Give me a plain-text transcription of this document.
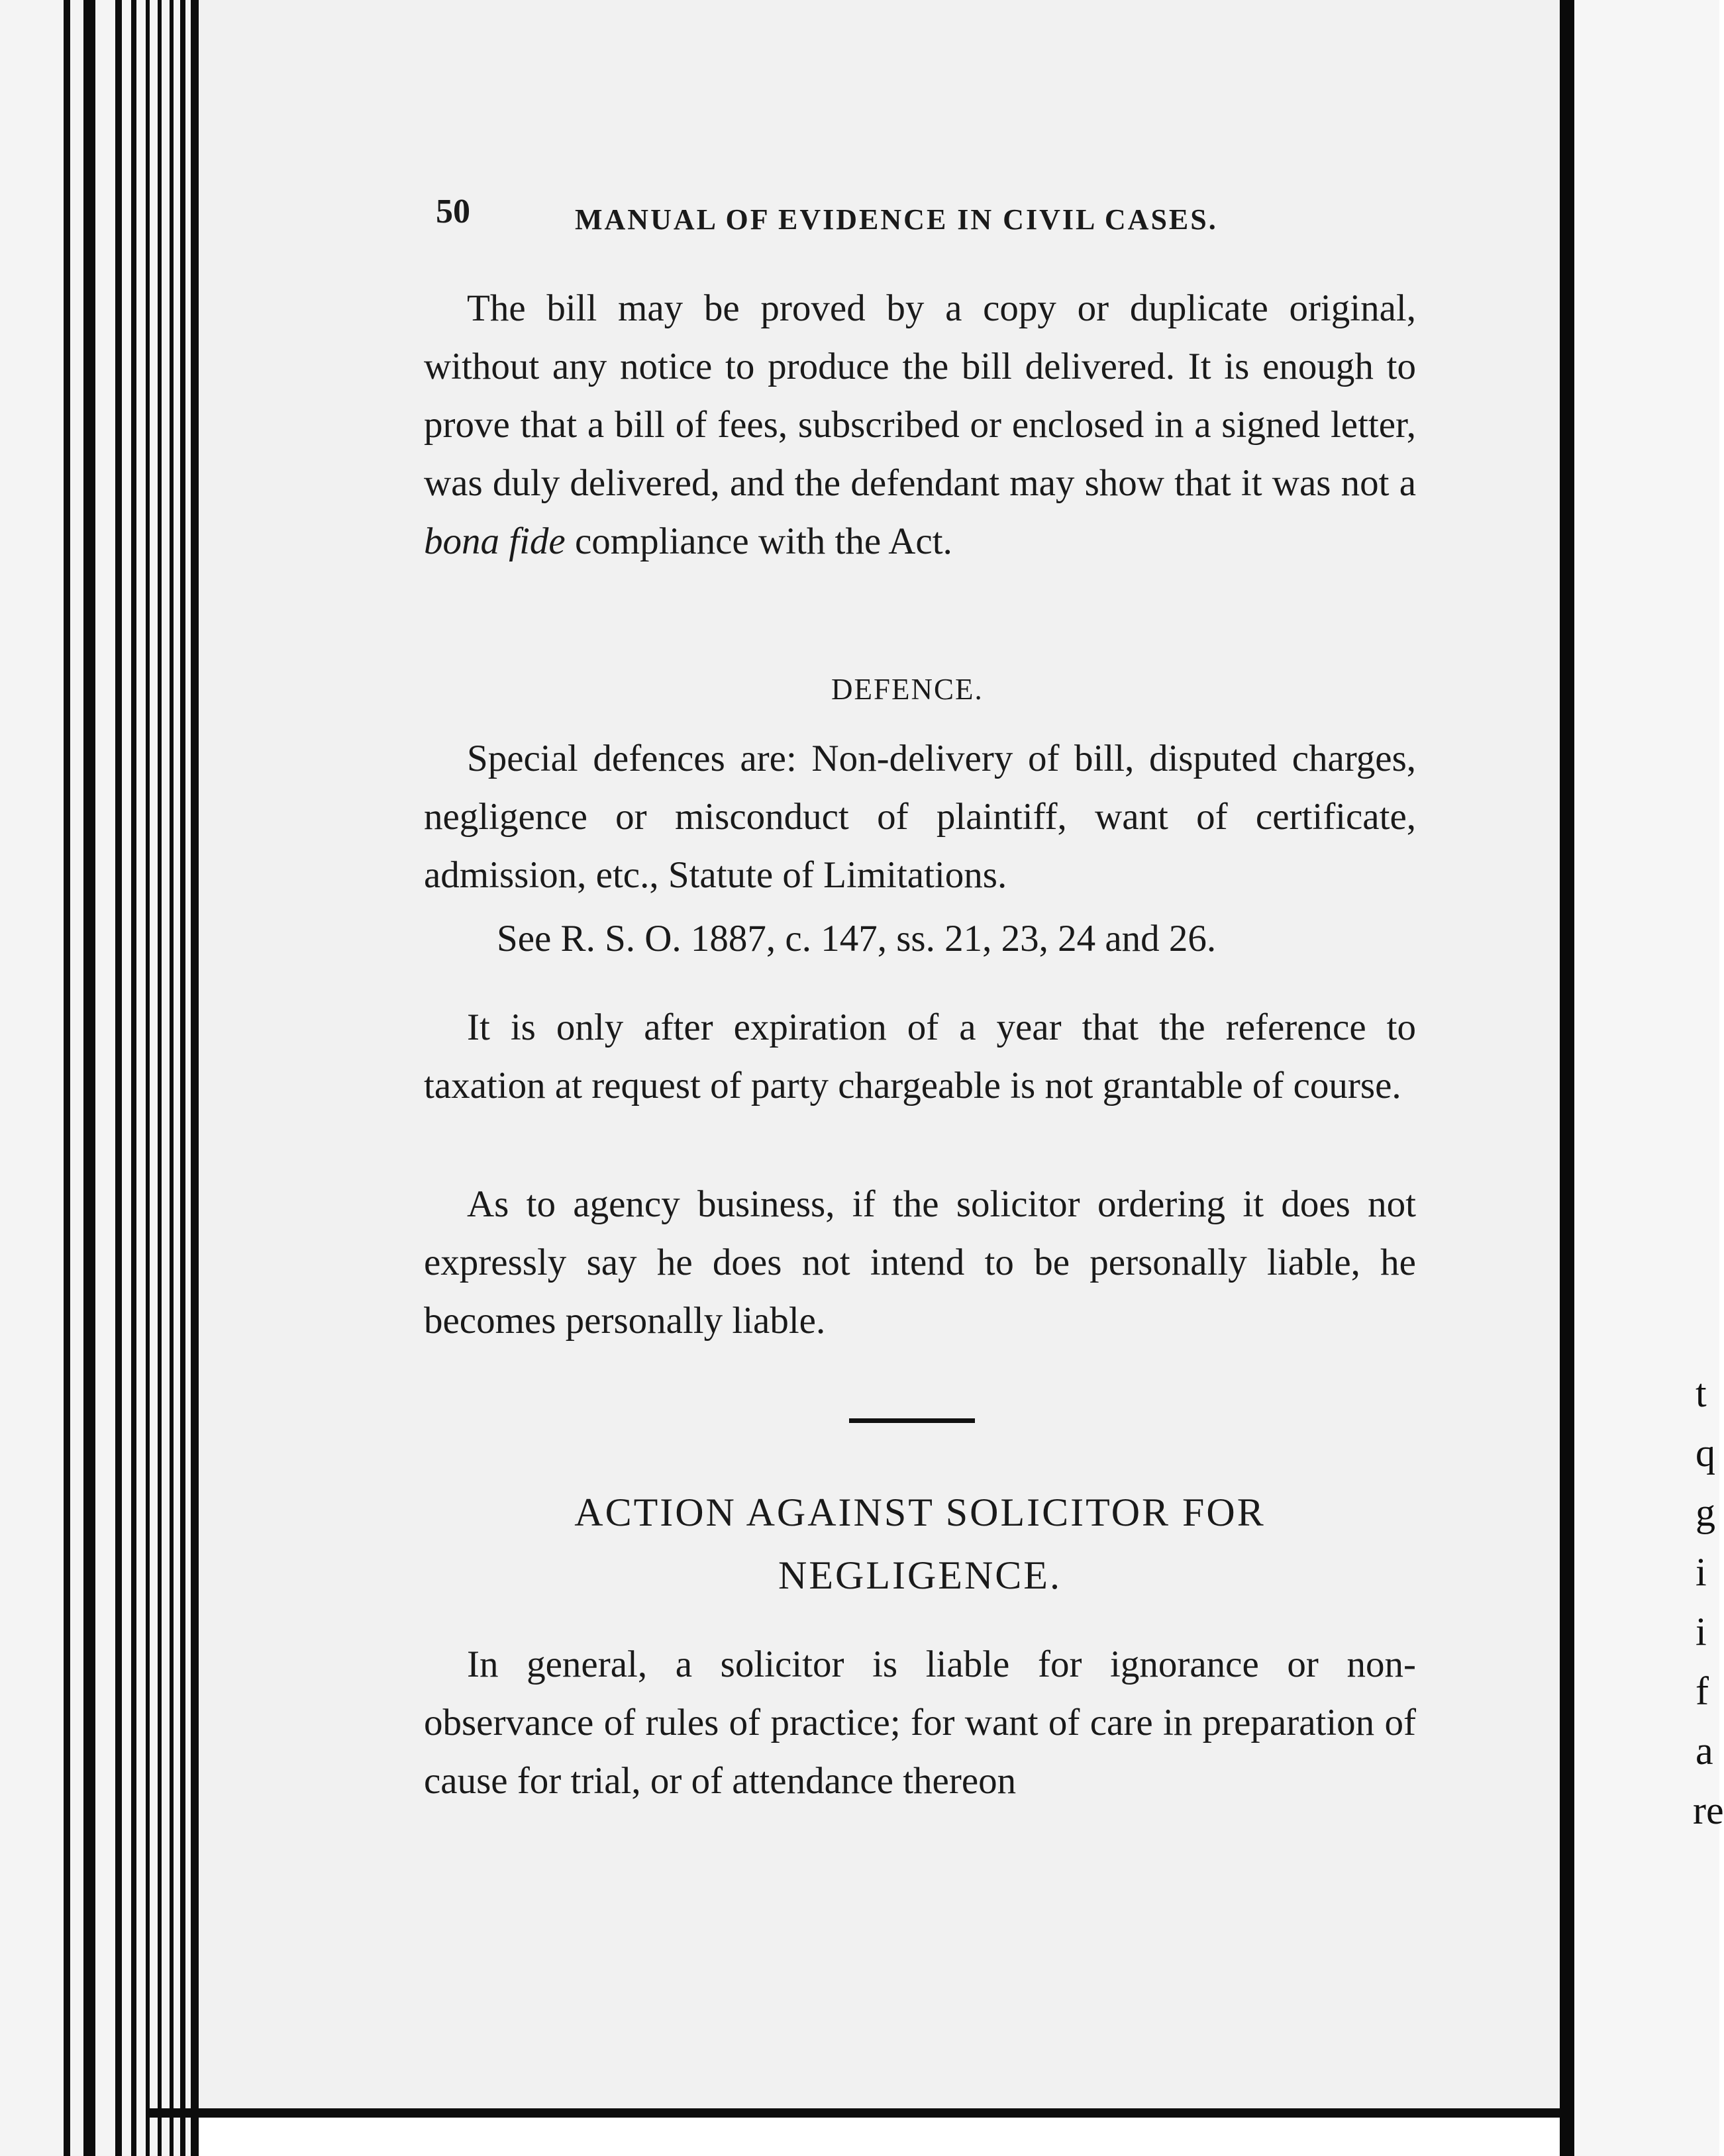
50	MANUAL OF EVIDENCE IN CIVIL CASES.

The bill may be proved by a copy or duplicate original, without any notice to produce the bill delivered. It is enough to prove that a bill of fees, subscribed or enclosed in a signed letter, was duly delivered, and the defendant may show that it was not a bona fide compliance with the Act.

DEFENCE.

Special defences are: Non-delivery of bill, disputed charges, negligence or misconduct of plaintiff, want of certificate, admission, etc., Statute of Limitations.

See R. S. O. 1887, c. 147, ss. 21, 23, 24 and 26.

It is only after expiration of a year that the reference to taxation at request of party chargeable is not grantable of course.

As to agency business, if the solicitor ordering it does not expressly say he does not intend to be personally liable, he becomes personally liable.

ACTION AGAINST SOLICITOR FOR
NEGLIGENCE.

In general, a solicitor is liable for ignorance or non-observance of rules of practice; for want of care in preparation of cause for trial, or of attendance thereon

t
q
g
i
i
f
a
re
